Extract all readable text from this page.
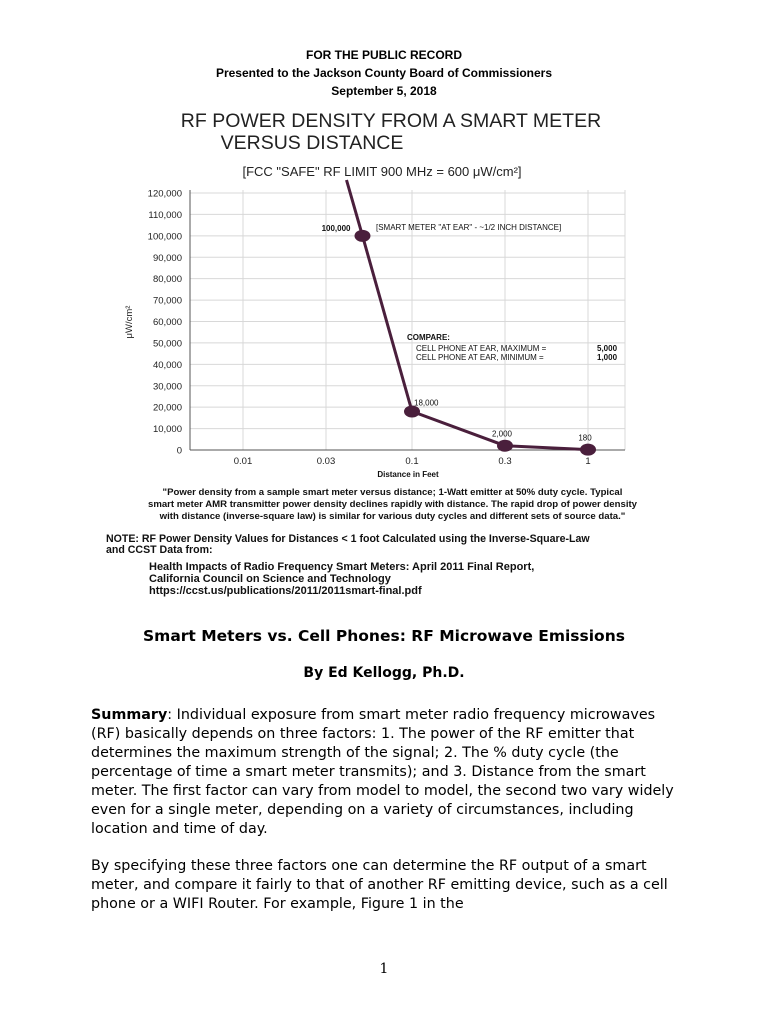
FOR THE PUBLIC RECORD
Presented to the Jackson County Board of Commissioners
September 5, 2018
RF POWER DENSITY FROM A SMART METER
VERSUS DISTANCE
[FCC "SAFE" RF LIMIT 900 MHz = 600 μW/cm²]
0
10,000
20,000
30,000
40,000
50,000
60,000
70,000
80,000
90,000
100,000
110,000
120,000
0.01	0.03	0.1	0.3	1
μW/cm²
Distance in Feet
100,000
18,000
2,000	180
[SMART METER "AT EAR" - ~1/2 INCH DISTANCE]
COMPARE:
CELL PHONE AT EAR, MAXIMUM =	5,000
CELL PHONE AT EAR, MINIMUM =	1,000
"Power density from a sample smart meter versus distance; 1-Watt emitter at 50% duty cycle. Typical
smart meter AMR transmitter power density declines rapidly with distance. The rapid drop of power density
with distance (inverse-square law) is similar for various duty cycles and different sets of source data."
NOTE: RF Power Density Values for Distances < 1 foot Calculated using the Inverse-Square-Law
and CCST Data from:
Health Impacts of Radio Frequency Smart Meters: April 2011 Final Report,
California Council on Science and Technology
https://ccst.us/publications/2011/2011smart-final.pdf
Smart Meters vs. Cell Phones: RF Microwave Emissions
By Ed Kellogg, Ph.D.
Summary: Individual exposure from smart meter radio frequency microwaves (RF) basically depends on three factors: 1. The power of the RF emitter that determines the maximum strength of the signal; 2. The % duty cycle (the percentage of time a smart meter transmits); and 3. Distance from the smart meter. The first factor can vary from model to model, the second two vary widely even for a single meter, depending on a variety of circumstances, including location and time of day.
By specifying these three factors one can determine the RF output of a smart meter, and compare it fairly to that of another RF emitting device, such as a cell phone or a WIFI Router. For example, Figure 1 in the
1
